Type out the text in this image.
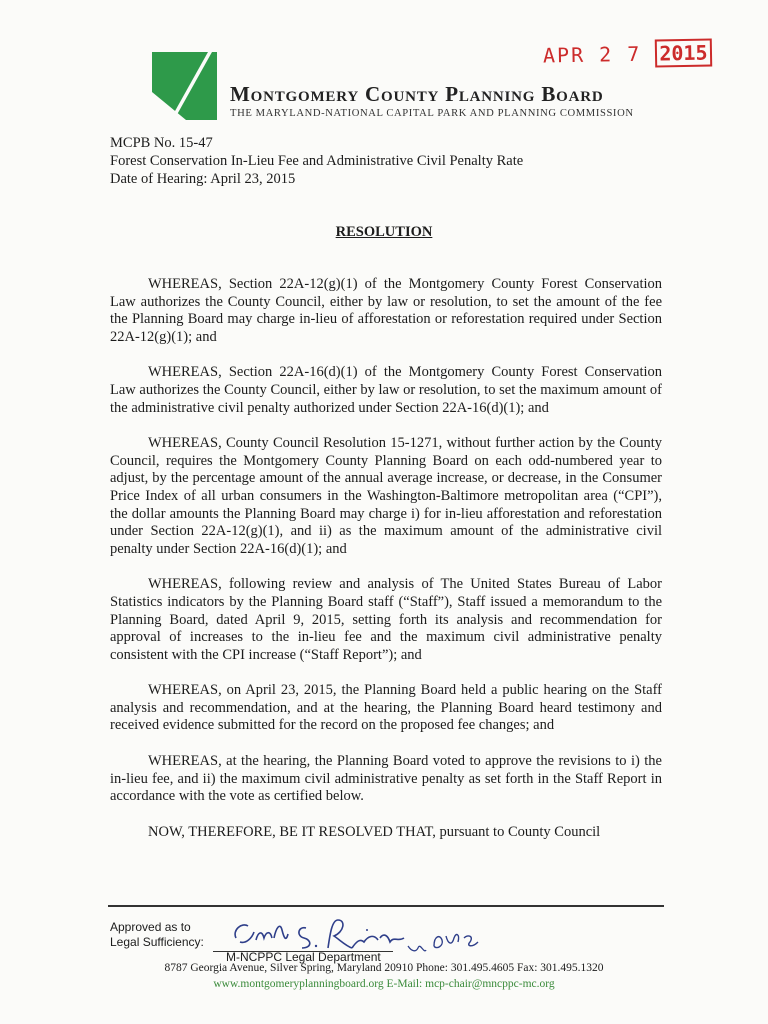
APR 2 7 2015
Montgomery County Planning Board
THE MARYLAND-NATIONAL CAPITAL PARK AND PLANNING COMMISSION
MCPB No. 15-47
Forest Conservation In-Lieu Fee and Administrative Civil Penalty Rate
Date of Hearing: April 23, 2015
RESOLUTION

WHEREAS, Section 22A-12(g)(1) of the Montgomery County Forest Conservation Law authorizes the County Council, either by law or resolution, to set the amount of the fee the Planning Board may charge in-lieu of afforestation or reforestation required under Section 22A-12(g)(1); and

WHEREAS, Section 22A-16(d)(1) of the Montgomery County Forest Conservation Law authorizes the County Council, either by law or resolution, to set the maximum amount of the administrative civil penalty authorized under Section 22A-16(d)(1); and

WHEREAS, County Council Resolution 15-1271, without further action by the County Council, requires the Montgomery County Planning Board on each odd-numbered year to adjust, by the percentage amount of the annual average increase, or decrease, in the Consumer Price Index of all urban consumers in the Washington-Baltimore metropolitan area (“CPI”), the dollar amounts the Planning Board may charge i) for in-lieu afforestation and reforestation under Section 22A-12(g)(1), and ii) as the maximum amount of the administrative civil penalty under Section 22A-16(d)(1); and

WHEREAS, following review and analysis of The United States Bureau of Labor Statistics indicators by the Planning Board staff (“Staff”), Staff issued a memorandum to the Planning Board, dated April 9, 2015, setting forth its analysis and recommendation for approval of increases to the in-lieu fee and the maximum civil administrative penalty consistent with the CPI increase (“Staff Report”); and

WHEREAS, on April 23, 2015, the Planning Board held a public hearing on the Staff analysis and recommendation, and at the hearing, the Planning Board heard testimony and received evidence submitted for the record on the proposed fee changes; and

WHEREAS, at the hearing, the Planning Board voted to approve the revisions to i) the in-lieu fee, and ii) the maximum civil administrative penalty as set forth in the Staff Report in accordance with the vote as certified below.

NOW, THEREFORE, BE IT RESOLVED THAT, pursuant to County Council

Approved as to
Legal Sufficiency:
M-NCPPC Legal Department
8787 Georgia Avenue, Silver Spring, Maryland 20910 Phone: 301.495.4605 Fax: 301.495.1320
www.montgomeryplanningboard.org E-Mail: mcp-chair@mncppc-mc.org
